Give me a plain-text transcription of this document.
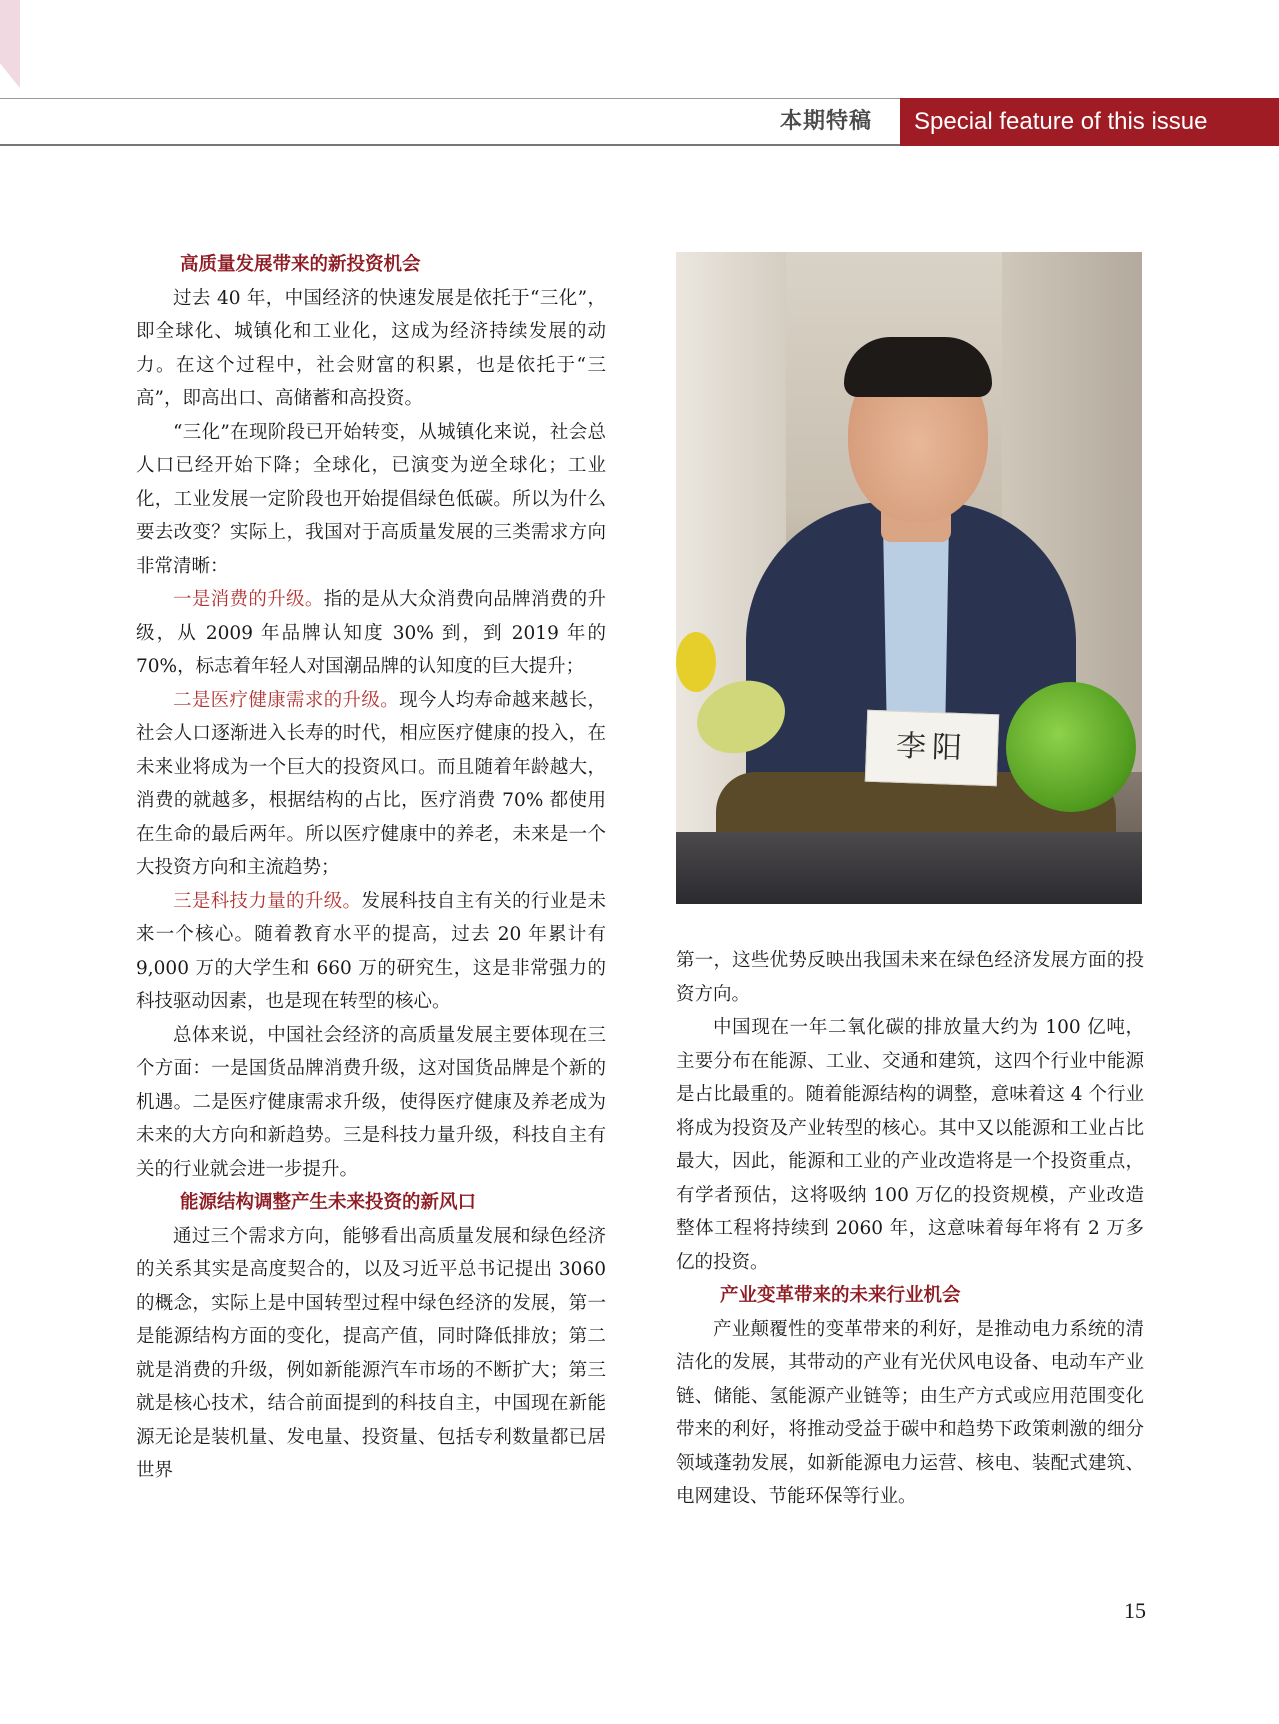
本期特稿	Special feature of this issue
高质量发展带来的新投资机会

过去 40 年，中国经济的快速发展是依托于“三化”，即全球化、城镇化和工业化，这成为经济持续发展的动力。在这个过程中，社会财富的积累，也是依托于“三高”，即高出口、高储蓄和高投资。

“三化”在现阶段已开始转变，从城镇化来说，社会总人口已经开始下降；全球化，已演变为逆全球化；工业化，工业发展一定阶段也开始提倡绿色低碳。所以为什么要去改变？实际上，我国对于高质量发展的三类需求方向非常清晰：

一是消费的升级。指的是从大众消费向品牌消费的升级，从 2009 年品牌认知度 30% 到，到 2019 年的 70%，标志着年轻人对国潮品牌的认知度的巨大提升；

二是医疗健康需求的升级。现今人均寿命越来越长，社会人口逐渐进入长寿的时代，相应医疗健康的投入，在未来业将成为一个巨大的投资风口。而且随着年龄越大，消费的就越多，根据结构的占比，医疗消费 70% 都使用在生命的最后两年。所以医疗健康中的养老，未来是一个大投资方向和主流趋势；

三是科技力量的升级。发展科技自主有关的行业是未来一个核心。随着教育水平的提高，过去 20 年累计有 9,000 万的大学生和 660 万的研究生，这是非常强力的科技驱动因素，也是现在转型的核心。

总体来说，中国社会经济的高质量发展主要体现在三个方面：一是国货品牌消费升级，这对国货品牌是个新的机遇。二是医疗健康需求升级，使得医疗健康及养老成为未来的大方向和新趋势。三是科技力量升级，科技自主有关的行业就会进一步提升。

能源结构调整产生未来投资的新风口

通过三个需求方向，能够看出高质量发展和绿色经济的关系其实是高度契合的，以及习近平总书记提出 3060 的概念，实际上是中国转型过程中绿色经济的发展，第一是能源结构方面的变化，提高产值，同时降低排放；第二就是消费的升级，例如新能源汽车市场的不断扩大；第三就是核心技术，结合前面提到的科技自主，中国现在新能源无论是装机量、发电量、投资量、包括专利数量都已居世界

李阳

第一，这些优势反映出我国未来在绿色经济发展方面的投资方向。

中国现在一年二氧化碳的排放量大约为 100 亿吨，主要分布在能源、工业、交通和建筑，这四个行业中能源是占比最重的。随着能源结构的调整，意味着这 4 个行业将成为投资及产业转型的核心。其中又以能源和工业占比最大，因此，能源和工业的产业改造将是一个投资重点，有学者预估，这将吸纳 100 万亿的投资规模，产业改造整体工程将持续到 2060 年，这意味着每年将有 2 万多亿的投资。

产业变革带来的未来行业机会

产业颠覆性的变革带来的利好，是推动电力系统的清洁化的发展，其带动的产业有光伏风电设备、电动车产业链、储能、氢能源产业链等；由生产方式或应用范围变化带来的利好，将推动受益于碳中和趋势下政策刺激的细分领域蓬勃发展，如新能源电力运营、核电、装配式建筑、电网建设、节能环保等行业。

15
